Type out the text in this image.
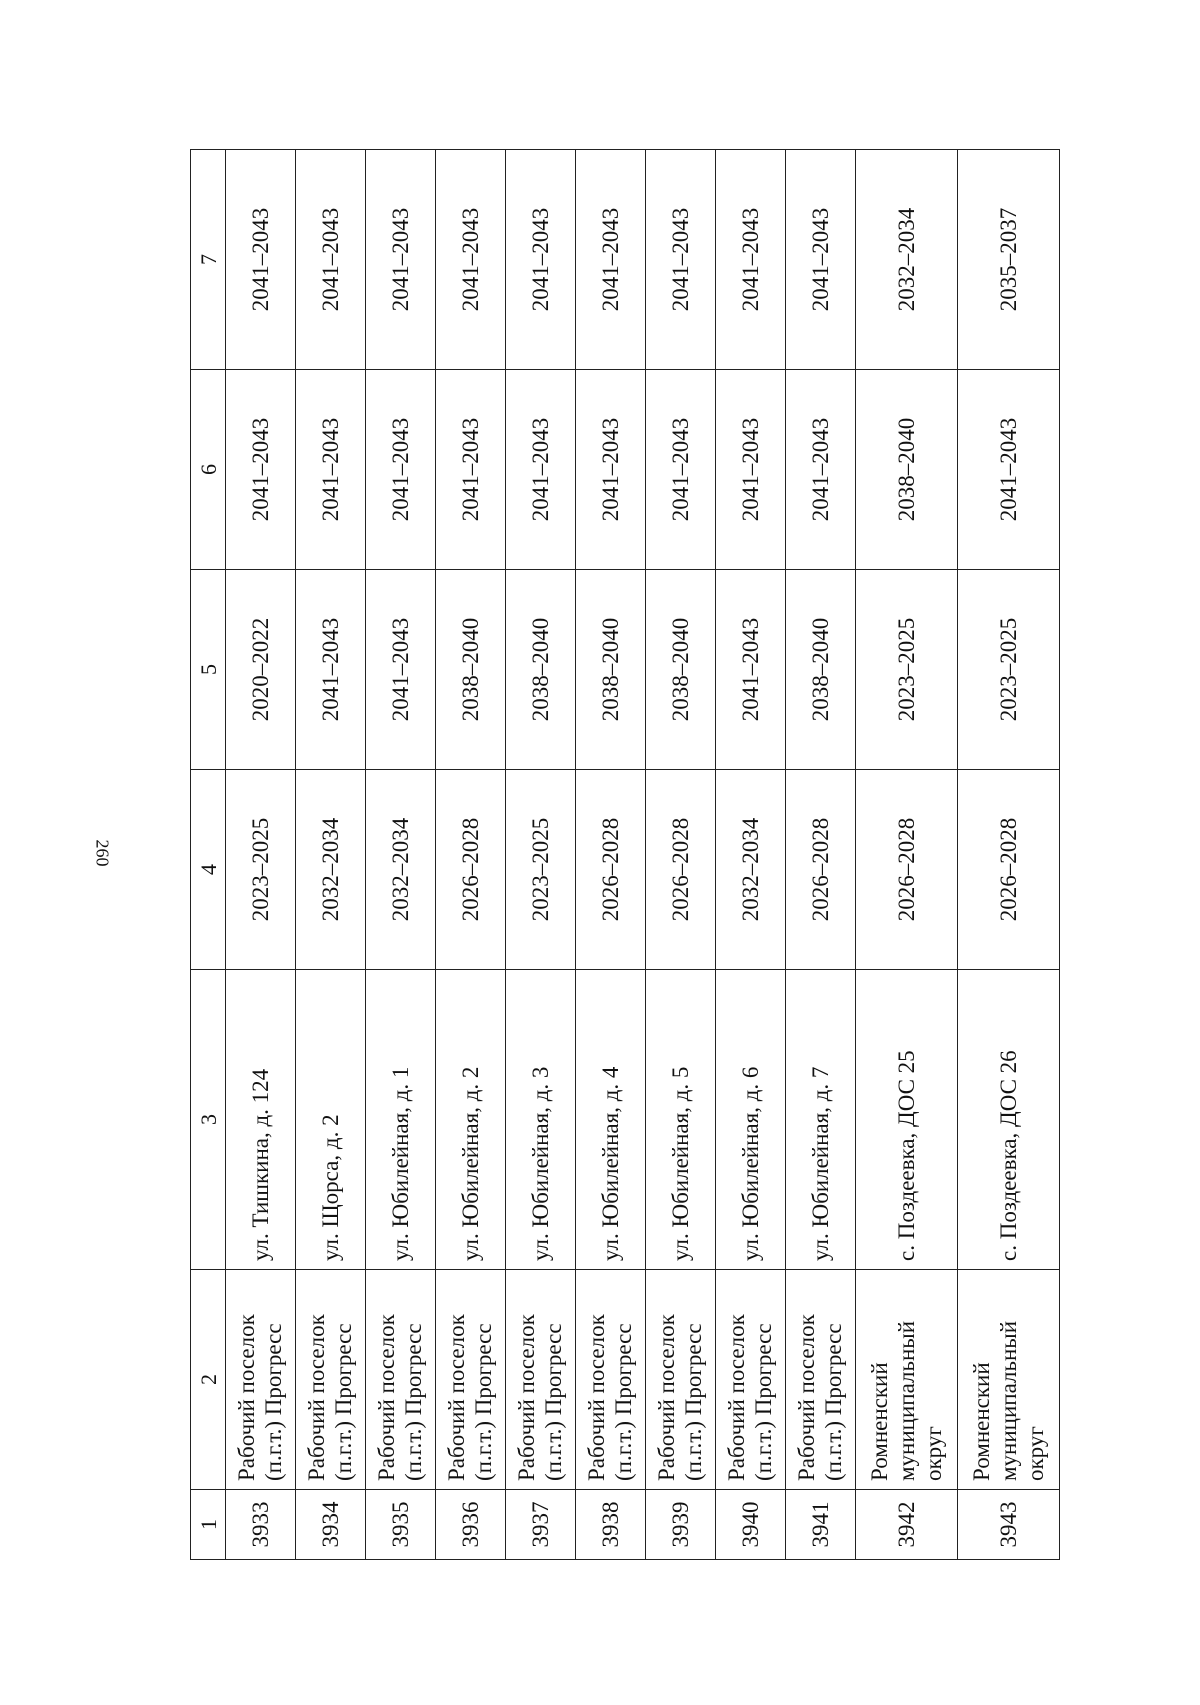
260
1	2	3	4	5	6	7
3933	Рабочий поселок (п.г.т.) Прогресс	ул. Тишкина, д. 124	2023–2025	2020–2022	2041–2043	2041–2043
3934	Рабочий поселок (п.г.т.) Прогресс	ул. Щорса, д. 2	2032–2034	2041–2043	2041–2043	2041–2043
3935	Рабочий поселок (п.г.т.) Прогресс	ул. Юбилейная, д. 1	2032–2034	2041–2043	2041–2043	2041–2043
3936	Рабочий поселок (п.г.т.) Прогресс	ул. Юбилейная, д. 2	2026–2028	2038–2040	2041–2043	2041–2043
3937	Рабочий поселок (п.г.т.) Прогресс	ул. Юбилейная, д. 3	2023–2025	2038–2040	2041–2043	2041–2043
3938	Рабочий поселок (п.г.т.) Прогресс	ул. Юбилейная, д. 4	2026–2028	2038–2040	2041–2043	2041–2043
3939	Рабочий поселок (п.г.т.) Прогресс	ул. Юбилейная, д. 5	2026–2028	2038–2040	2041–2043	2041–2043
3940	Рабочий поселок (п.г.т.) Прогресс	ул. Юбилейная, д. 6	2032–2034	2041–2043	2041–2043	2041–2043
3941	Рабочий поселок (п.г.т.) Прогресс	ул. Юбилейная, д. 7	2026–2028	2038–2040	2041–2043	2041–2043
3942	Ромненский муниципальный округ	с. Поздеевка, ДОС 25	2026–2028	2023–2025	2038–2040	2032–2034
3943	Ромненский муниципальный округ	с. Поздеевка, ДОС 26	2026–2028	2023–2025	2041–2043	2035–2037
